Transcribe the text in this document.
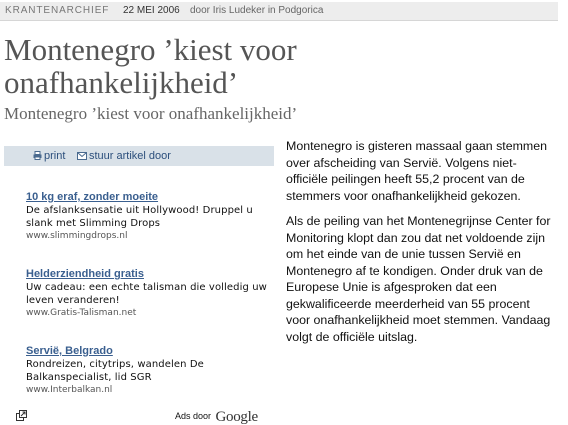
KRANTENARCHIEF 22 MEI 2006 door Iris Ludeker in Podgorica
Montenegro ’kiest voor onafhankelijkheid’
Montenegro ’kiest voor onafhankelijkheid’
print	stuur artikel door
10 kg eraf, zonder moeite
De afslanksensatie uit Hollywood! Druppel u slank met Slimming Drops
www.slimmingdrops.nl
Helderziendheid gratis
Uw cadeau: een echte talisman die volledig uw leven veranderen!
www.Gratis-Talisman.net
Servië, Belgrado
Rondreizen, citytrips, wandelen De Balkanspecialist, lid SGR
www.Interbalkan.nl
Ads door Google

Montenegro is gisteren massaal gaan stemmen over afscheiding van Servië. Volgens niet-officiële peilingen heeft 55,2 procent van de stemmers voor onafhankelijkheid gekozen.

Als de peiling van het Montenegrijnse Center for Monitoring klopt dan zou dat net voldoende zijn om het einde van de unie tussen Servië en Montenegro af te kondigen. Onder druk van de Europese Unie is afgesproken dat een gekwalificeerde meerderheid van 55 procent voor onafhankelijkheid moet stemmen. Vandaag volgt de officiële uitslag.
